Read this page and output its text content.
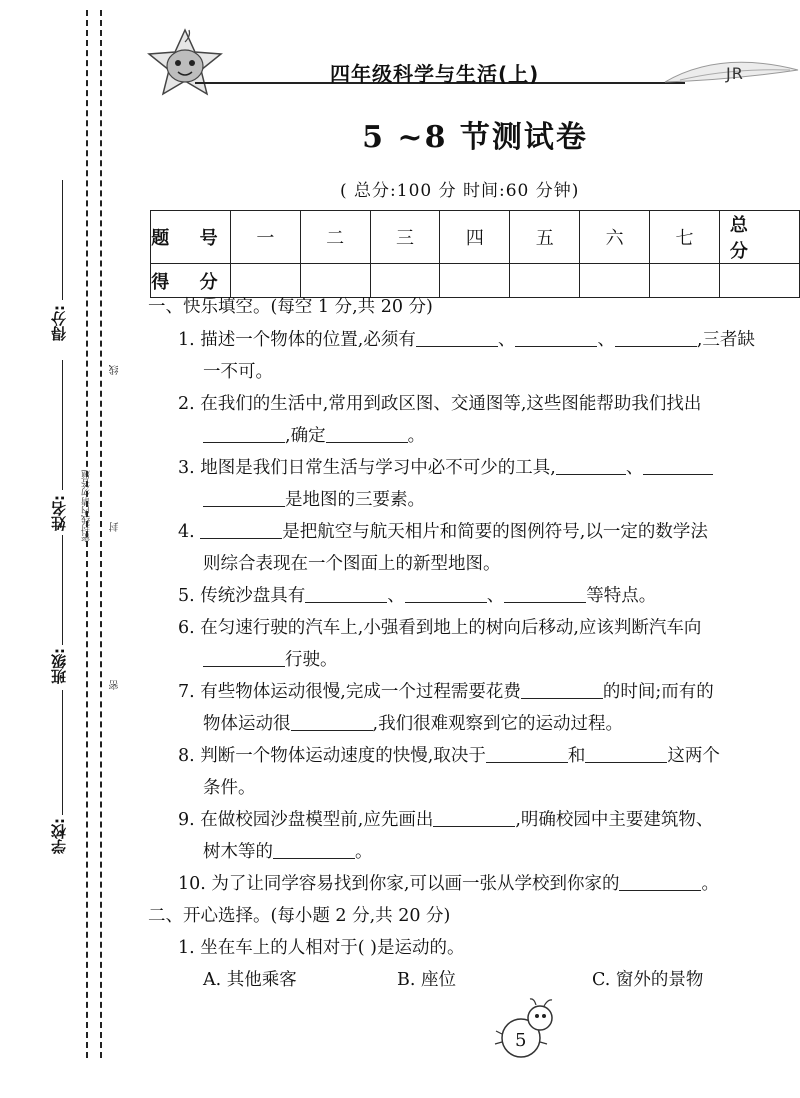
得分:
姓名:
班级:
学校:
密封线内请勿答题
线
封
密
四年级科学与生活(上)	JR
5 ~8 节测试卷
( 总分:100 分 时间:60 分钟)
题 号	一	二	三	四	五	六	七	总 分
得 分								
一、快乐填空。(每空 1 分,共 20 分)
1. 描述一个物体的位置,必须有	、	、	,三者缺
一不可。
2. 在我们的生活中,常用到政区图、交通图等,这些图能帮助我们找出
,确定	。
3. 地图是我们日常生活与学习中必不可少的工具,	、
是地图的三要素。
4.	是把航空与航天相片和简要的图例符号,以一定的数学法
则综合表现在一个图面上的新型地图。
5. 传统沙盘具有	、	、	等特点。
6. 在匀速行驶的汽车上,小强看到地上的树向后移动,应该判断汽车向
行驶。
7. 有些物体运动很慢,完成一个过程需要花费	的时间;而有的
物体运动很	,我们很难观察到它的运动过程。
8. 判断一个物体运动速度的快慢,取决于	和	这两个
条件。
9. 在做校园沙盘模型前,应先画出	,明确校园中主要建筑物、
树木等的	。
10. 为了让同学容易找到你家,可以画一张从学校到你家的	。
二、开心选择。(每小题 2 分,共 20 分)
1. 坐在车上的人相对于( )是运动的。
A. 其他乘客	B. 座位	C. 窗外的景物
5
